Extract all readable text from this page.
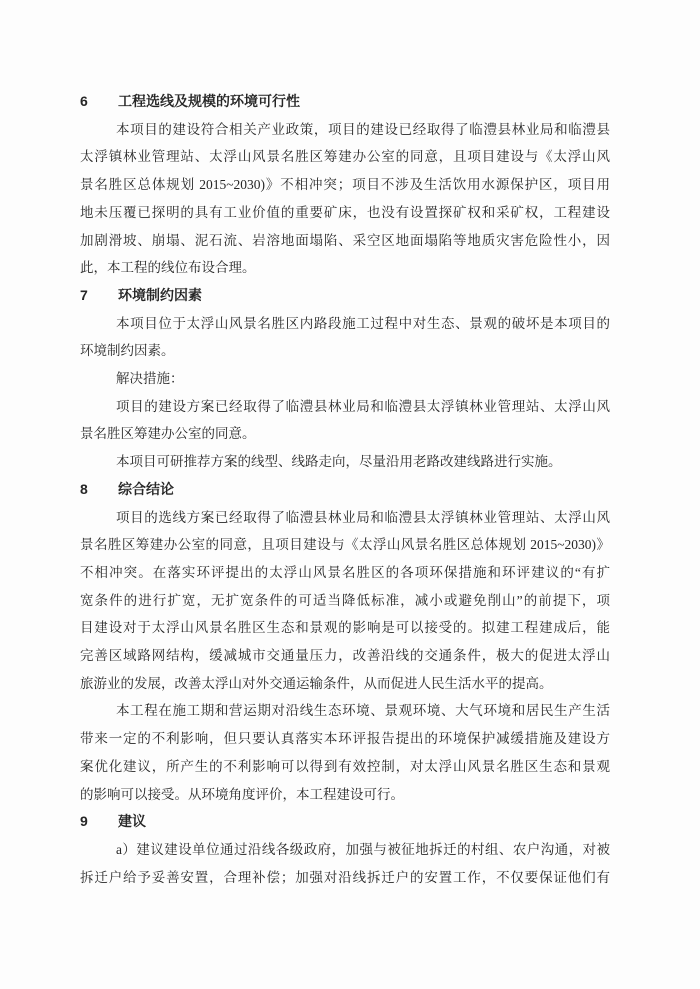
6	工程选线及规模的环境可行性
本项目的建设符合相关产业政策，项目的建设已经取得了临澧县林业局和临澧县
太浮镇林业管理站、太浮山风景名胜区筹建办公室的同意，且项目建设与《太浮山风
景名胜区总体规划 2015~2030)》不相冲突；项目不涉及生活饮用水源保护区，项目用
地未压覆已探明的具有工业价值的重要矿床，也没有设置探矿权和采矿权，工程建设
加剧滑坡、崩塌、泥石流、岩溶地面塌陷、采空区地面塌陷等地质灾害危险性小，因
此，本工程的线位布设合理。
7	环境制约因素
本项目位于太浮山风景名胜区内路段施工过程中对生态、景观的破坏是本项目的
环境制约因素。
解决措施：
项目的建设方案已经取得了临澧县林业局和临澧县太浮镇林业管理站、太浮山风
景名胜区筹建办公室的同意。
本项目可研推荐方案的线型、线路走向，尽量沿用老路改建线路进行实施。
8	综合结论
项目的选线方案已经取得了临澧县林业局和临澧县太浮镇林业管理站、太浮山风
景名胜区筹建办公室的同意，且项目建设与《太浮山风景名胜区总体规划 2015~2030)》
不相冲突。在落实环评提出的太浮山风景名胜区的各项环保措施和环评建议的“有扩
宽条件的进行扩宽，无扩宽条件的可适当降低标准，减小或避免削山”的前提下，项
目建设对于太浮山风景名胜区生态和景观的影响是可以接受的。拟建工程建成后，能
完善区域路网结构，缓减城市交通量压力，改善沿线的交通条件，极大的促进太浮山
旅游业的发展，改善太浮山对外交通运输条件，从而促进人民生活水平的提高。
本工程在施工期和营运期对沿线生态环境、景观环境、大气环境和居民生产生活
带来一定的不利影响，但只要认真落实本环评报告提出的环境保护减缓措施及建设方
案优化建议，所产生的不利影响可以得到有效控制，对太浮山风景名胜区生态和景观
的影响可以接受。从环境角度评价，本工程建设可行。
9	建议
a）建议建设单位通过沿线各级政府，加强与被征地拆迁的村组、农户沟通，对被
拆迁户给予妥善安置，合理补偿；加强对沿线拆迁户的安置工作，不仅要保证他们有
